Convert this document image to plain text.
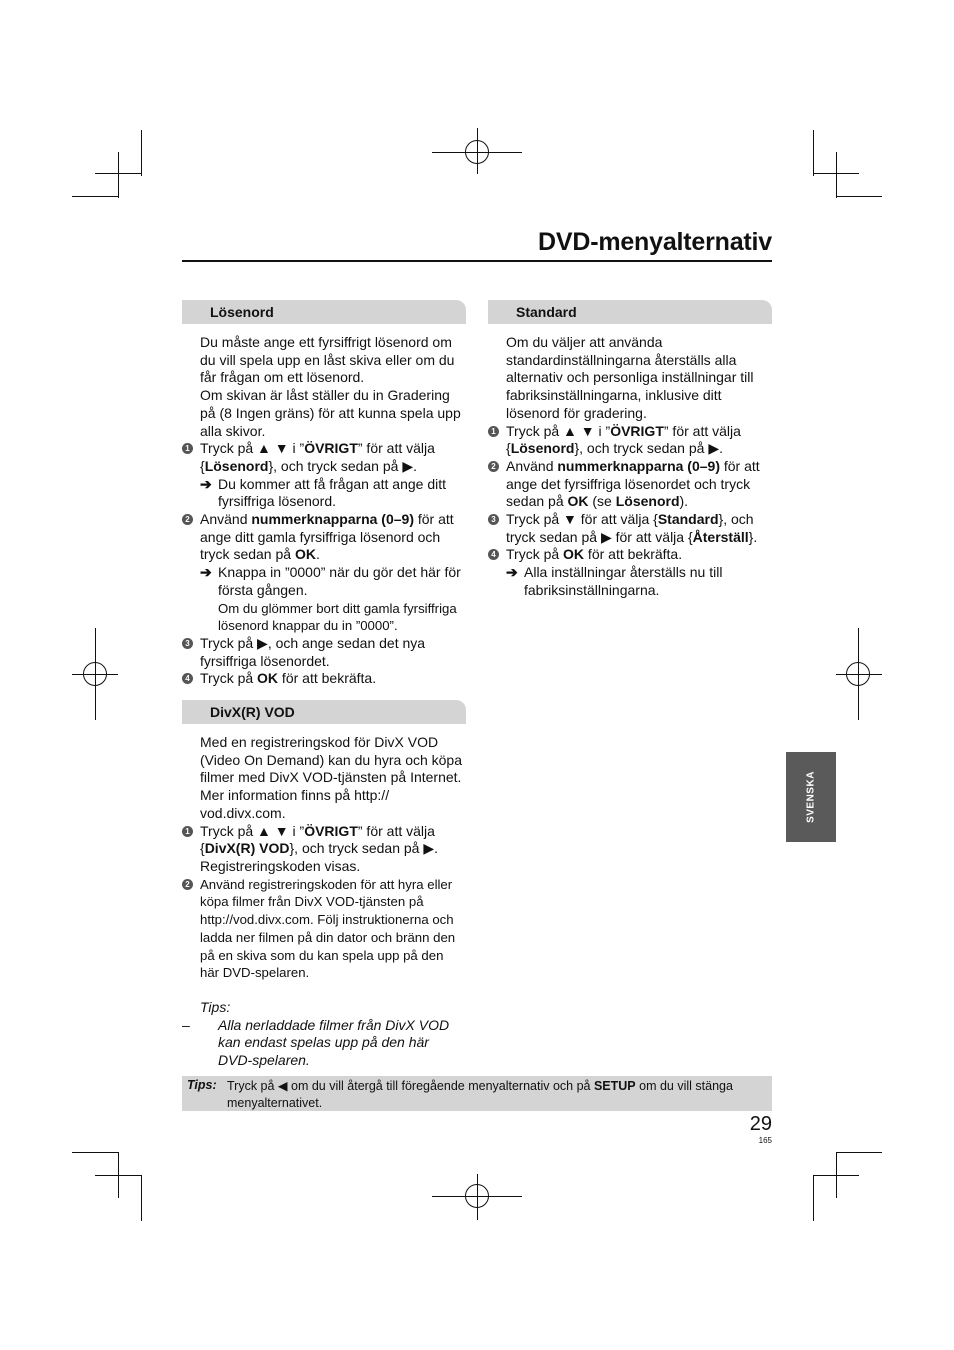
DVD-menyalternativ
Lösenord

Du måste ange ett fyrsiffrigt lösenord om du vill spela upp en låst skiva eller om du får frågan om ett lösenord.

Om skivan är låst ställer du in Gradering på (8 Ingen gräns) för att kunna spela upp alla skivor.

1 Tryck på ▲ ▼ i ”ÖVRIGT” för att välja {Lösenord}, och tryck sedan på ▶.

➔ Du kommer att få frågan att ange ditt fyrsiffriga lösenord.

2 Använd nummerknapparna (0–9) för att ange ditt gamla fyrsiffriga lösenord och tryck sedan på OK.

➔ Knappa in ”0000” när du gör det här för första gången.
Om du glömmer bort ditt gamla fyrsiffriga lösenord knappar du in ”0000”.

3 Tryck på ▶, och ange sedan det nya fyrsiffriga lösenordet.

4 Tryck på OK för att bekräfta.

DivX(R) VOD

Med en registreringskod för DivX VOD (Video On Demand) kan du hyra och köpa filmer med DivX VOD-tjänsten på Internet. Mer information finns på http:// vod.divx.com.

1 Tryck på ▲ ▼ i ”ÖVRIGT” för att välja {DivX(R) VOD}, och tryck sedan på ▶. Registreringskoden visas.

2 Använd registreringskoden för att hyra eller köpa filmer från DivX VOD-tjänsten på http://vod.divx.com. Följ instruktionerna och ladda ner filmen på din dator och bränn den på en skiva som du kan spela upp på den här DVD-spelaren.

Tips:
– Alla nerladdade filmer från DivX VOD kan endast spelas upp på den här DVD-spelaren.
Standard

Om du väljer att använda standardinställningarna återställs alla alternativ och personliga inställningar till fabriksinställningarna, inklusive ditt lösenord för gradering.

1 Tryck på ▲ ▼ i ”ÖVRIGT” för att välja {Lösenord}, och tryck sedan på ▶.

2 Använd nummerknapparna (0–9) för att ange det fyrsiffriga lösenordet och tryck sedan på OK (se Lösenord).

3 Tryck på ▼ för att välja {Standard}, och tryck sedan på ▶ för att välja {Återställ}.

4 Tryck på OK för att bekräfta.

➔ Alla inställningar återställs nu till fabriksinställningarna.
Tips: Tryck på ◀ om du vill återgå till föregående menyalternativ och på SETUP om du vill stänga menyalternativet.
29
165
SVENSKA
